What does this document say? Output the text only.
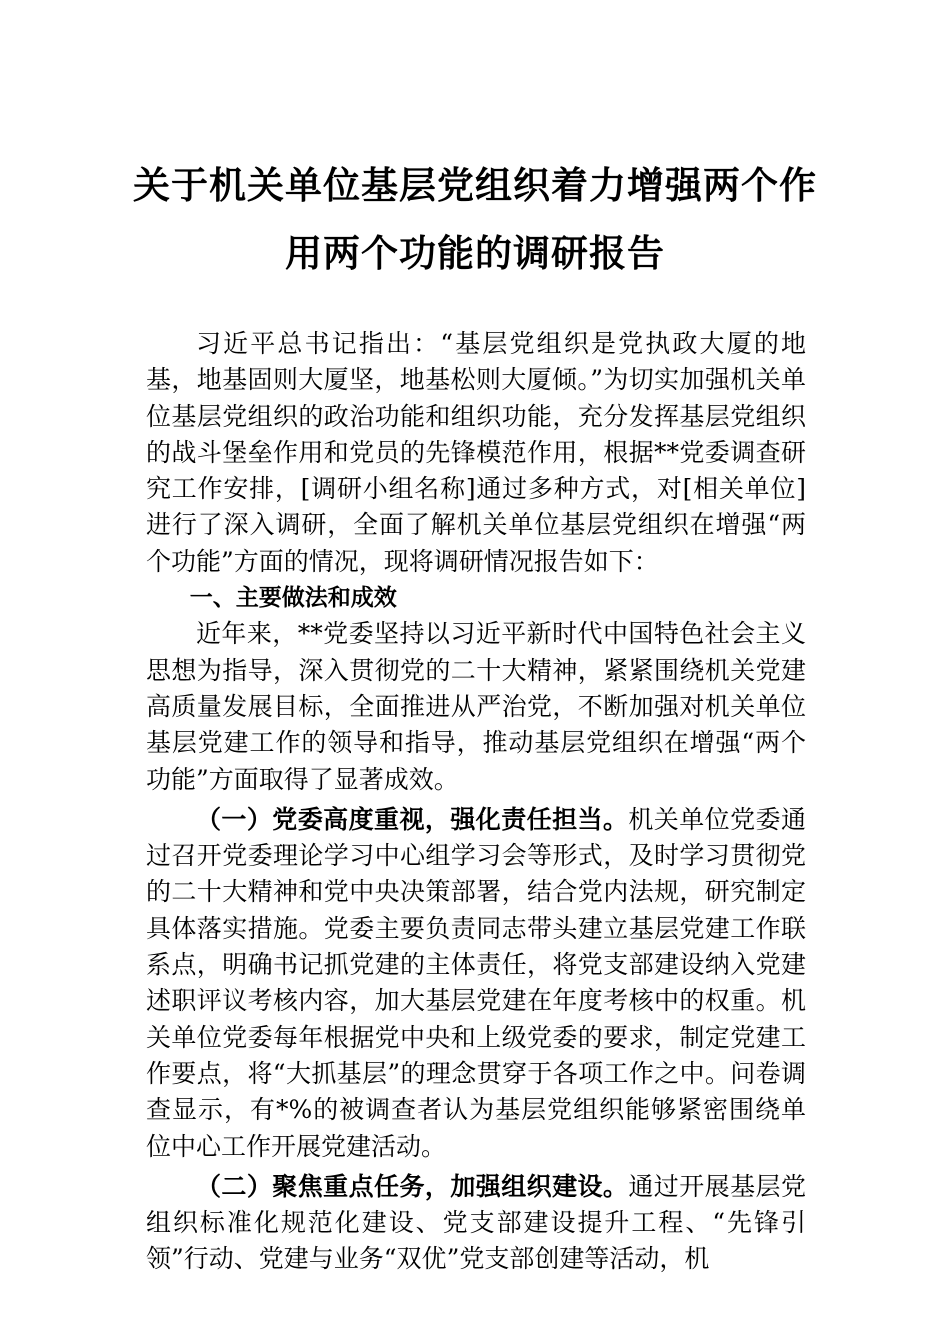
关于机关单位基层党组织着力增强两个作
用两个功能的调研报告

习近平总书记指出：“基层党组织是党执政大厦的地基，地基固则大厦坚，地基松则大厦倾。”为切实加强机关单位基层党组织的政治功能和组织功能，充分发挥基层党组织的战斗堡垒作用和党员的先锋模范作用，根据**党委调查研究工作安排，[调研小组名称]通过多种方式，对[相关单位]进行了深入调研，全面了解机关单位基层党组织在增强“两个功能”方面的情况，现将调研情况报告如下：

一、主要做法和成效

近年来，**党委坚持以习近平新时代中国特色社会主义思想为指导，深入贯彻党的二十大精神，紧紧围绕机关党建高质量发展目标，全面推进从严治党，不断加强对机关单位基层党建工作的领导和指导，推动基层党组织在增强“两个功能”方面取得了显著成效。

（一）党委高度重视，强化责任担当。机关单位党委通过召开党委理论学习中心组学习会等形式，及时学习贯彻党的二十大精神和党中央决策部署，结合党内法规，研究制定具体落实措施。党委主要负责同志带头建立基层党建工作联系点，明确书记抓党建的主体责任，将党支部建设纳入党建述职评议考核内容，加大基层党建在年度考核中的权重。机关单位党委每年根据党中央和上级党委的要求，制定党建工作要点，将“大抓基层”的理念贯穿于各项工作之中。问卷调查显示，有*%的被调查者认为基层党组织能够紧密围绕单位中心工作开展党建活动。

（二）聚焦重点任务，加强组织建设。通过开展基层党组织标准化规范化建设、党支部建设提升工程、“先锋引领”行动、党建与业务“双优”党支部创建等活动，机
